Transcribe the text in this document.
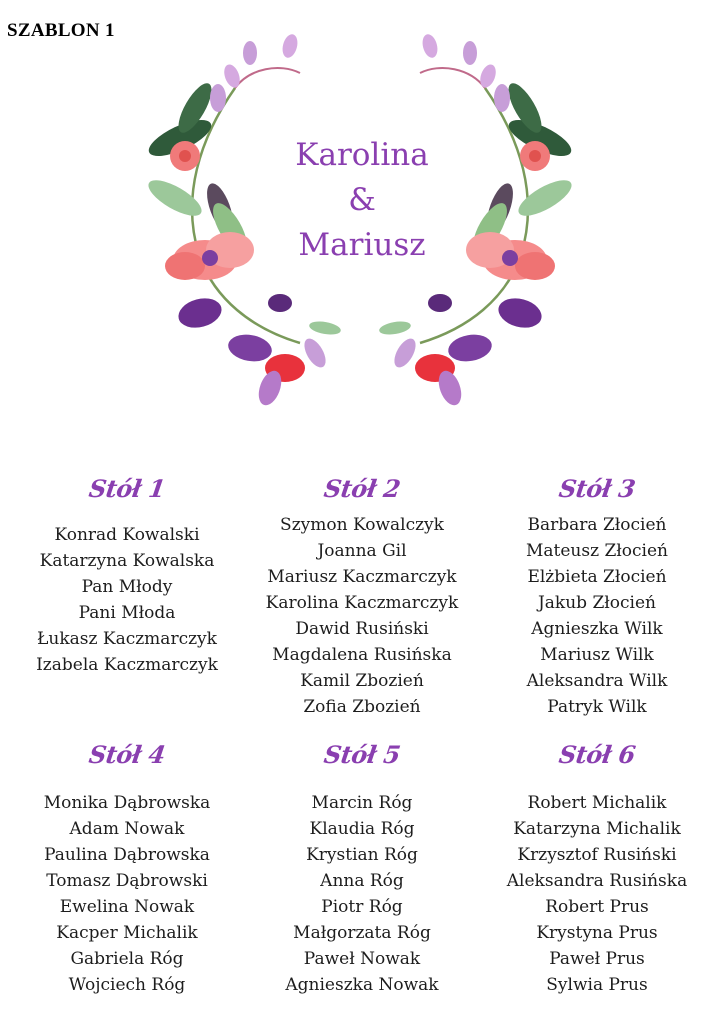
SZABLON 1
Karolina
&
Mariusz
Stół 1
Konrad Kowalski
Katarzyna Kowalska
Pan Młody
Pani Młoda
Łukasz Kaczmarczyk
Izabela Kaczmarczyk
Stół 2
Szymon Kowalczyk
Joanna Gil
Mariusz Kaczmarczyk
Karolina Kaczmarczyk
Dawid Rusiński
Magdalena Rusińska
Kamil Zbozień
Zofia Zbozień
Stół 3
Barbara Złocień
Mateusz Złocień
Elżbieta Złocień
Jakub Złocień
Agnieszka Wilk
Mariusz Wilk
Aleksandra Wilk
Patryk Wilk
Stół 4
Monika Dąbrowska
Adam Nowak
Paulina Dąbrowska
Tomasz Dąbrowski
Ewelina Nowak
Kacper Michalik
Gabriela Róg
Wojciech Róg
Stół 5
Marcin Róg
Klaudia Róg
Krystian Róg
Anna Róg
Piotr Róg
Małgorzata Róg
Paweł Nowak
Agnieszka Nowak
Stół 6
Robert Michalik
Katarzyna Michalik
Krzysztof Rusiński
Aleksandra Rusińska
Robert Prus
Krystyna Prus
Paweł Prus
Sylwia Prus
